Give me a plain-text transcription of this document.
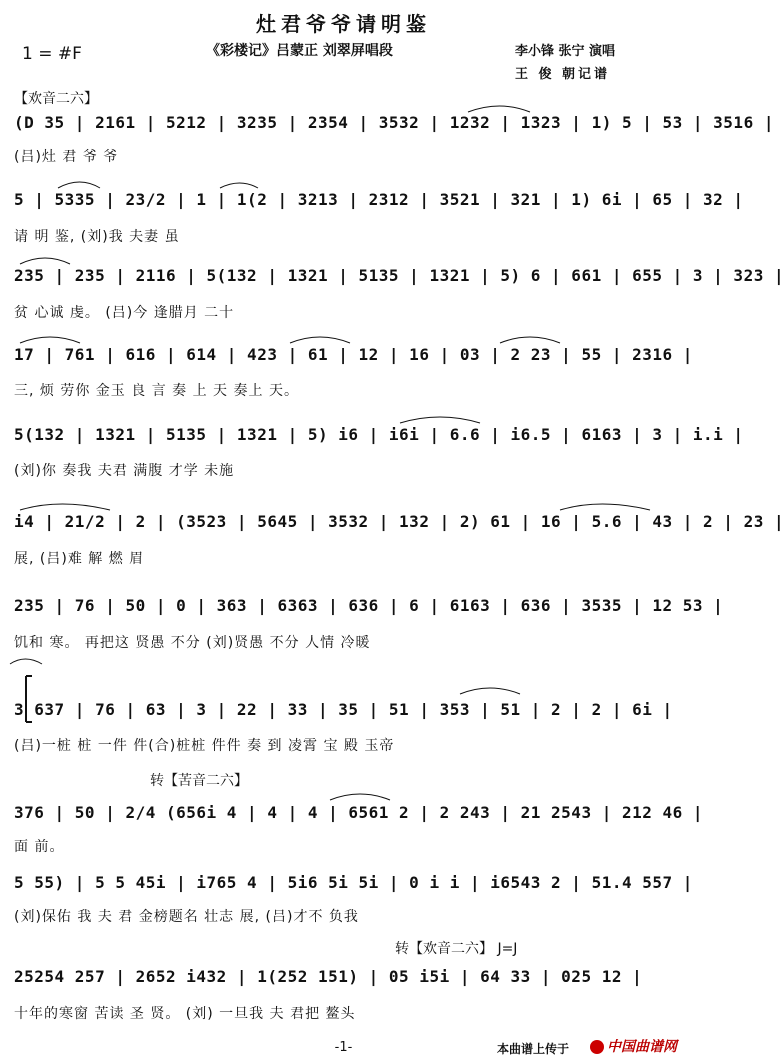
灶君爷爷请明鉴
1 = #F	《彩楼记》吕蒙正 刘翠屏唱段	李小锋 张宁 演唱
王 俊 朝记谱
【欢音二六】
(D 35 | 2161 | 5212 | 3235 | 2354 | 3532 | 1232 | 1323 | 1) 5 | 53 | 3516 |
(吕)灶 君 爷 爷
5 | 5335 | 23/2 | 1 | 1(2 | 3213 | 2312 | 3521 | 321 | 1) 6i | 65 | 32 |
请 明 鉴, (刘)我 夫妻 虽
235 | 235 | 2116 | 5(132 | 1321 | 5135 | 1321 | 5) 6 | 661 | 655 | 3 | 323 |
贫 心诚 虔。 (吕)今 逢腊月 二十
17 | 761 | 616 | 614 | 423 | 61 | 12 | 16 | 03 | 2 23 | 55 | 2316 |
三, 烦 劳你 金玉 良 言 奏 上 天 奏上 天。
5(132 | 1321 | 5135 | 1321 | 5) i6 | i6i | 6.6 | i6.5 | 6163 | 3 | i.i |
(刘)你 奏我 夫君 满腹 才学 未施
i4 | 21/2 | 2 | (3523 | 5645 | 3532 | 132 | 2) 61 | 16 | 5.6 | 43 | 2 | 23 |
展, (吕)难 解 燃 眉
235 | 76 | 50 | 0 | 363 | 6363 | 636 | 6 | 6163 | 636 | 3535 | 12 53 |
饥和 寒。 再把这 贤愚 不分 (刘)贤愚 不分 人情 冷暖
3 637 | 76 | 63 | 3 | 22 | 33 | 35 | 51 | 353 | 51 | 2 | 2 | 6i |
(吕)一桩 桩 一件 件(合)桩桩 件件 奏 到 凌霄 宝 殿 玉帝
转【苦音二六】
376 | 50 | 2/4 (656i 4 | 4 | 4 | 6561 2 | 2 243 | 21 2543 | 212 46 |
面 前。
5 55) | 5 5 45i | i765 4 | 5i6 5i 5i | 0 i i | i6543 2 | 51.4 557 |
(刘)保佑 我 夫 君 金榜题名 壮志 展, (吕)才不 负我
转【欢音二六】 J=J
25254 257 | 2652 i432 | 1(252 151) | 05 i5i | 64 33 | 025 12 |
十年的寒窗 苦读 圣 贤。 (刘) 一旦我 夫 君把 鳌头
-1-	本曲谱上传于	中国曲谱网
